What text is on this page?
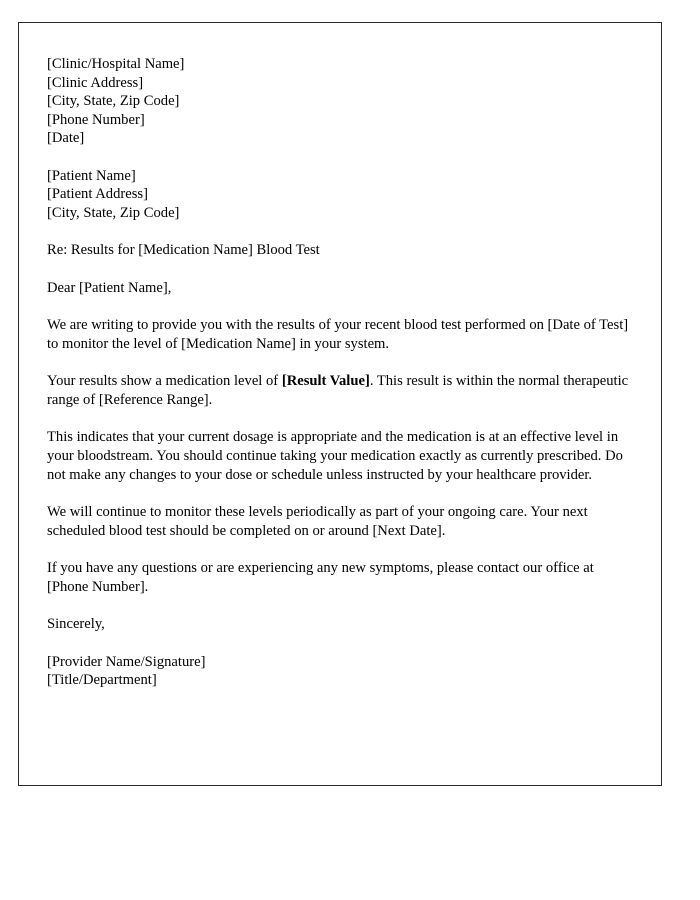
[Clinic/Hospital Name]
[Clinic Address]
[City, State, Zip Code]
[Phone Number]
[Date]
[Patient Name]
[Patient Address]
[City, State, Zip Code]

Re: Results for [Medication Name] Blood Test

Dear [Patient Name],

We are writing to provide you with the results of your recent blood test performed on [Date of Test] to monitor the level of [Medication Name] in your system.

Your results show a medication level of [Result Value]. This result is within the normal therapeutic range of [Reference Range].

This indicates that your current dosage is appropriate and the medication is at an effective level in your bloodstream. You should continue taking your medication exactly as currently prescribed. Do not make any changes to your dose or schedule unless instructed by your healthcare provider.

We will continue to monitor these levels periodically as part of your ongoing care. Your next scheduled blood test should be completed on or around [Next Date].

If you have any questions or are experiencing any new symptoms, please contact our office at [Phone Number].

Sincerely,

[Provider Name/Signature]
[Title/Department]
